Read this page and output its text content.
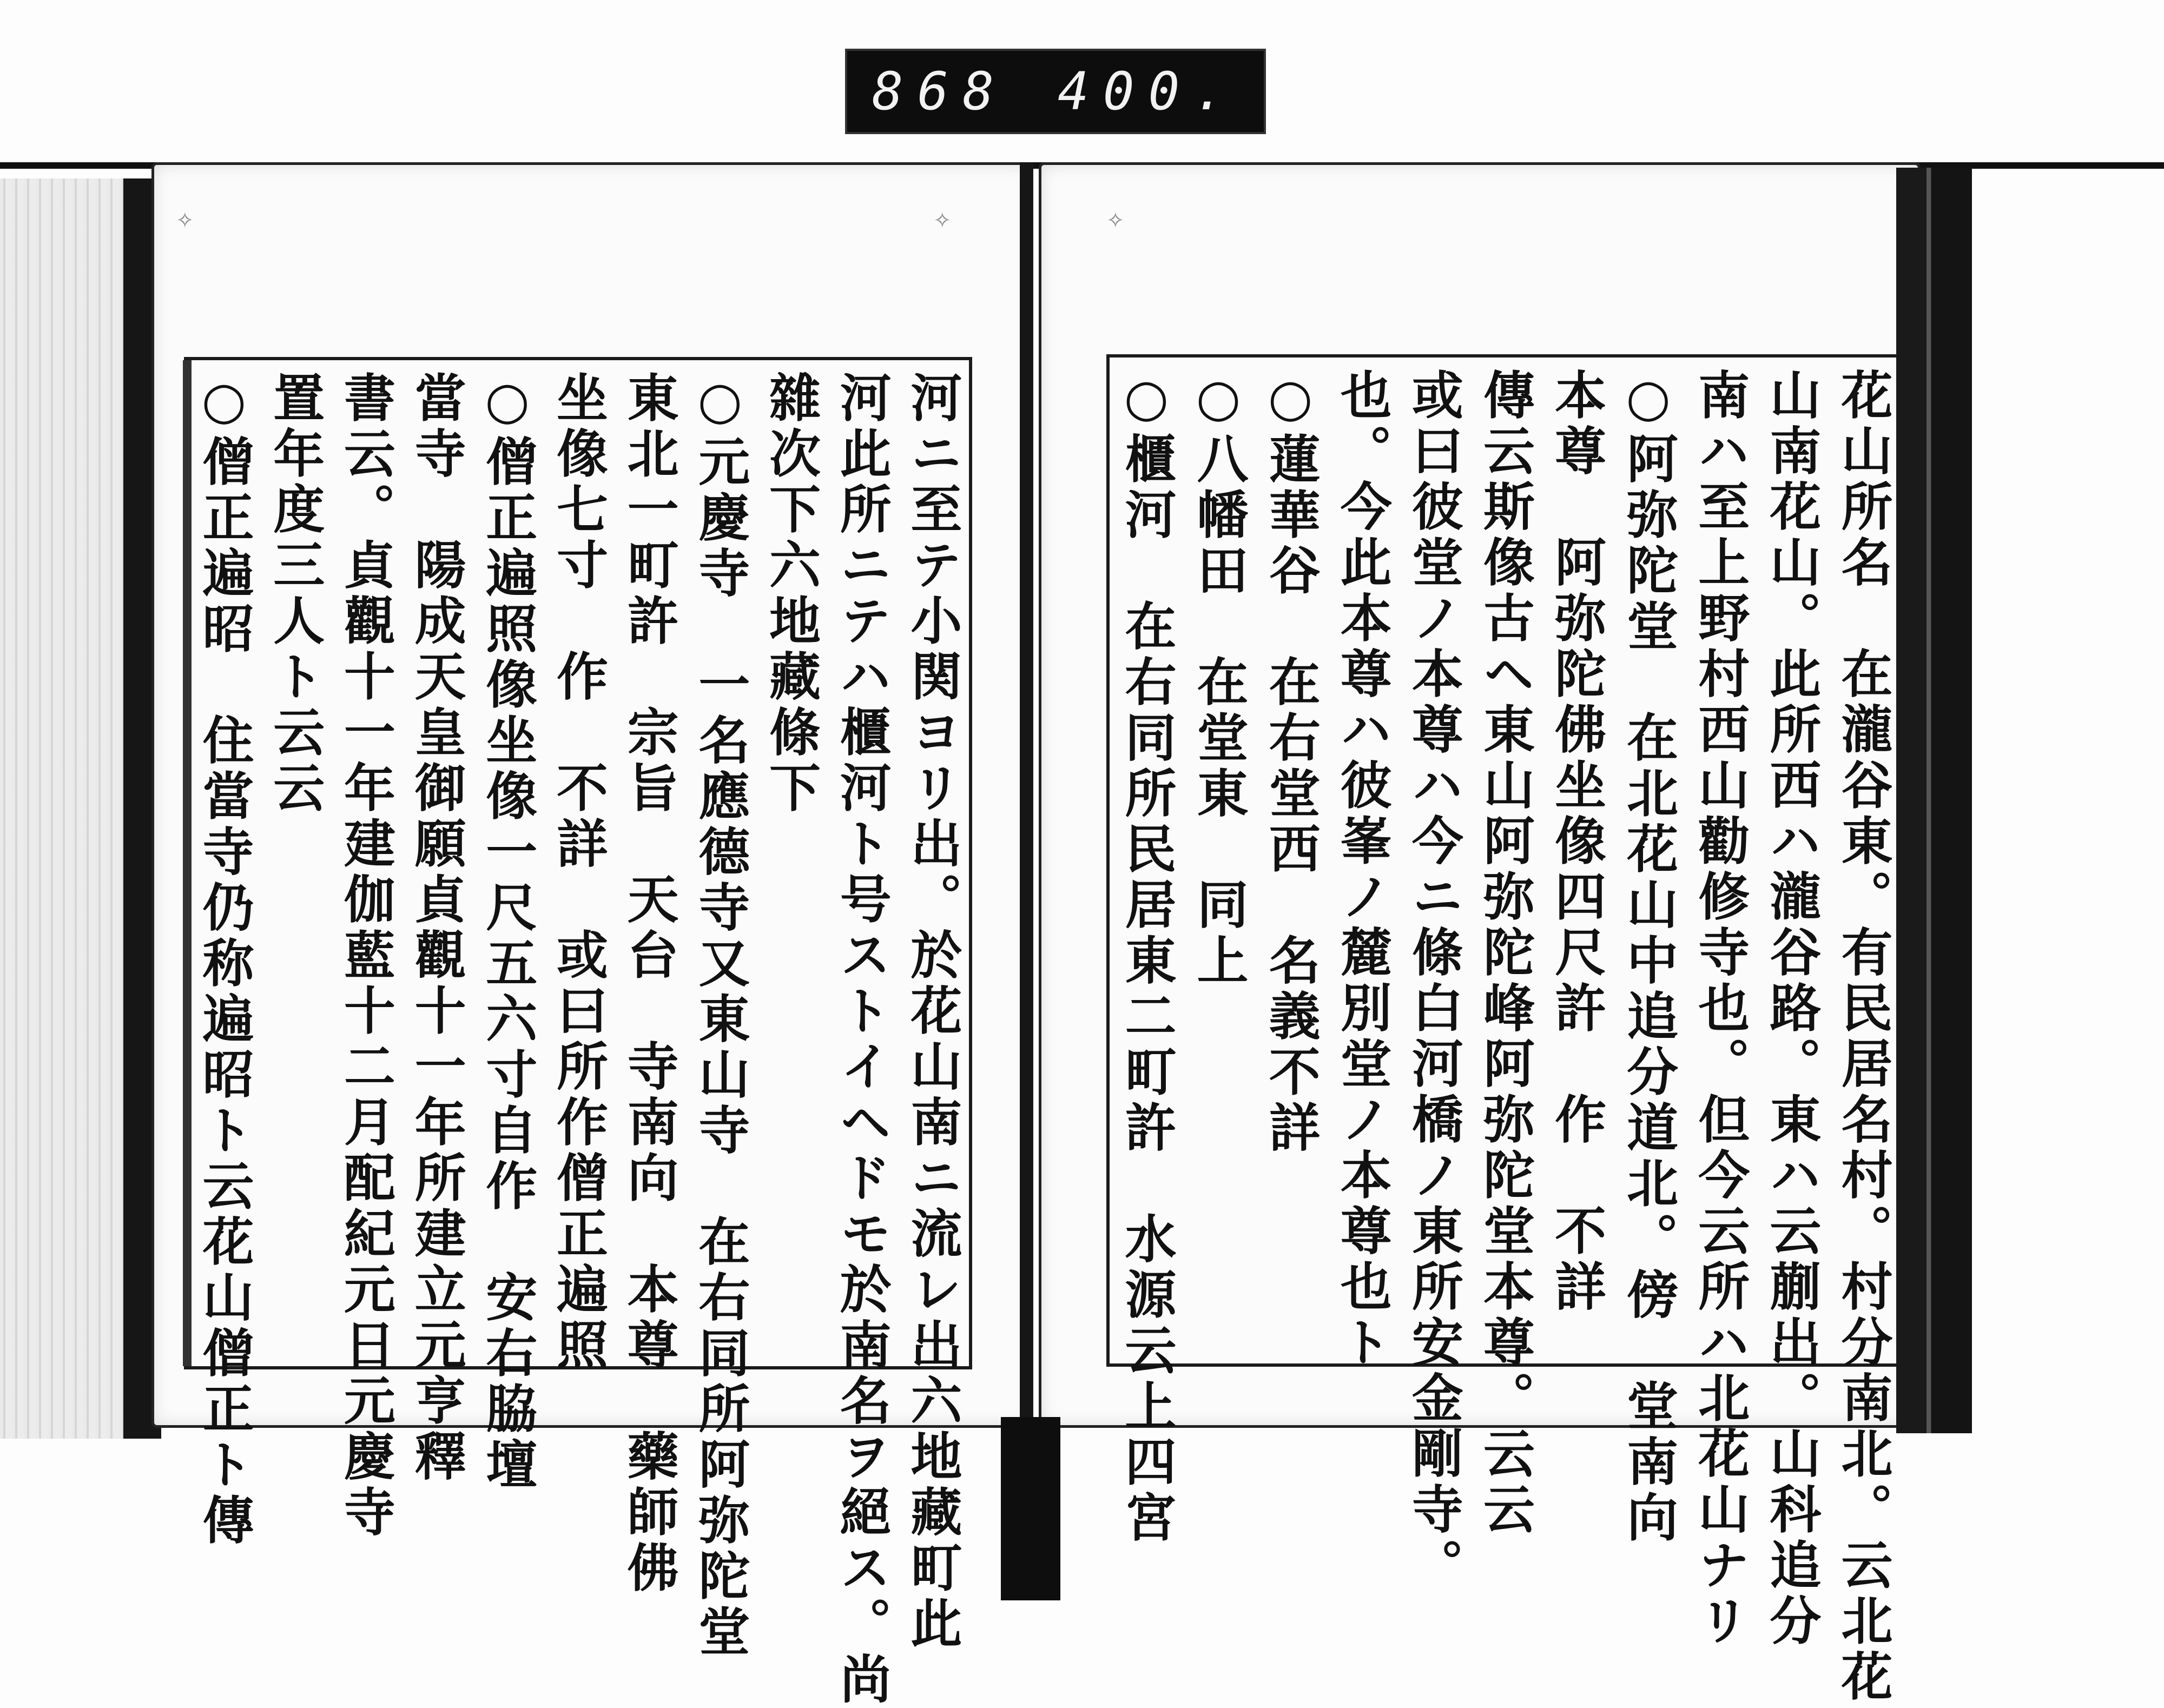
868 400.
✧	✧
河ニ至テ小関ヨリ出。於花山南ニ流レ出六地藏町此
河此所ニテハ櫃河ト号ストイヘドモ於南名ヲ絕ス。尚
雜次下六地藏條下
○元慶寺　一名應德寺又東山寺　在右同所阿弥陀堂
東北一町許　宗旨　天台　寺南向　本尊　藥師佛
坐像七寸　作　不詳　或曰所作僧正遍照
○僧正遍照像坐像一尺五六寸自作　安右脇壇
當寺　陽成天皇御願貞觀十一年所建立元亨釋
書云。貞觀十一年建伽藍十二月配紀元日元慶寺
置年度三人ト云云
○僧正遍昭　住當寺仍称遍昭ト云花山僧正ト傳
✧
花山所名　在瀧谷東。有民居名村。村分南北。云北花
山南花山。此所西ハ瀧谷路。東ハ云蒯出。山科追分
南ハ至上野村西山勸修寺也。但今云所ハ北花山ナリ
○阿弥陀堂　在北花山中追分道北。傍　堂南向
本尊　阿弥陀佛坐像四尺許　作　不詳
傳云斯像古ヘ東山阿弥陀峰阿弥陀堂本尊。云云
或曰彼堂ノ本尊ハ今ニ條白河橋ノ東所安金剛寺。
也。今此本尊ハ彼峯ノ麓別堂ノ本尊也ト
○蓮華谷　在右堂西　名義不詳
○八幡田　在堂東　同上
○櫃河　在右同所民居東二町許　水源云上四宮
